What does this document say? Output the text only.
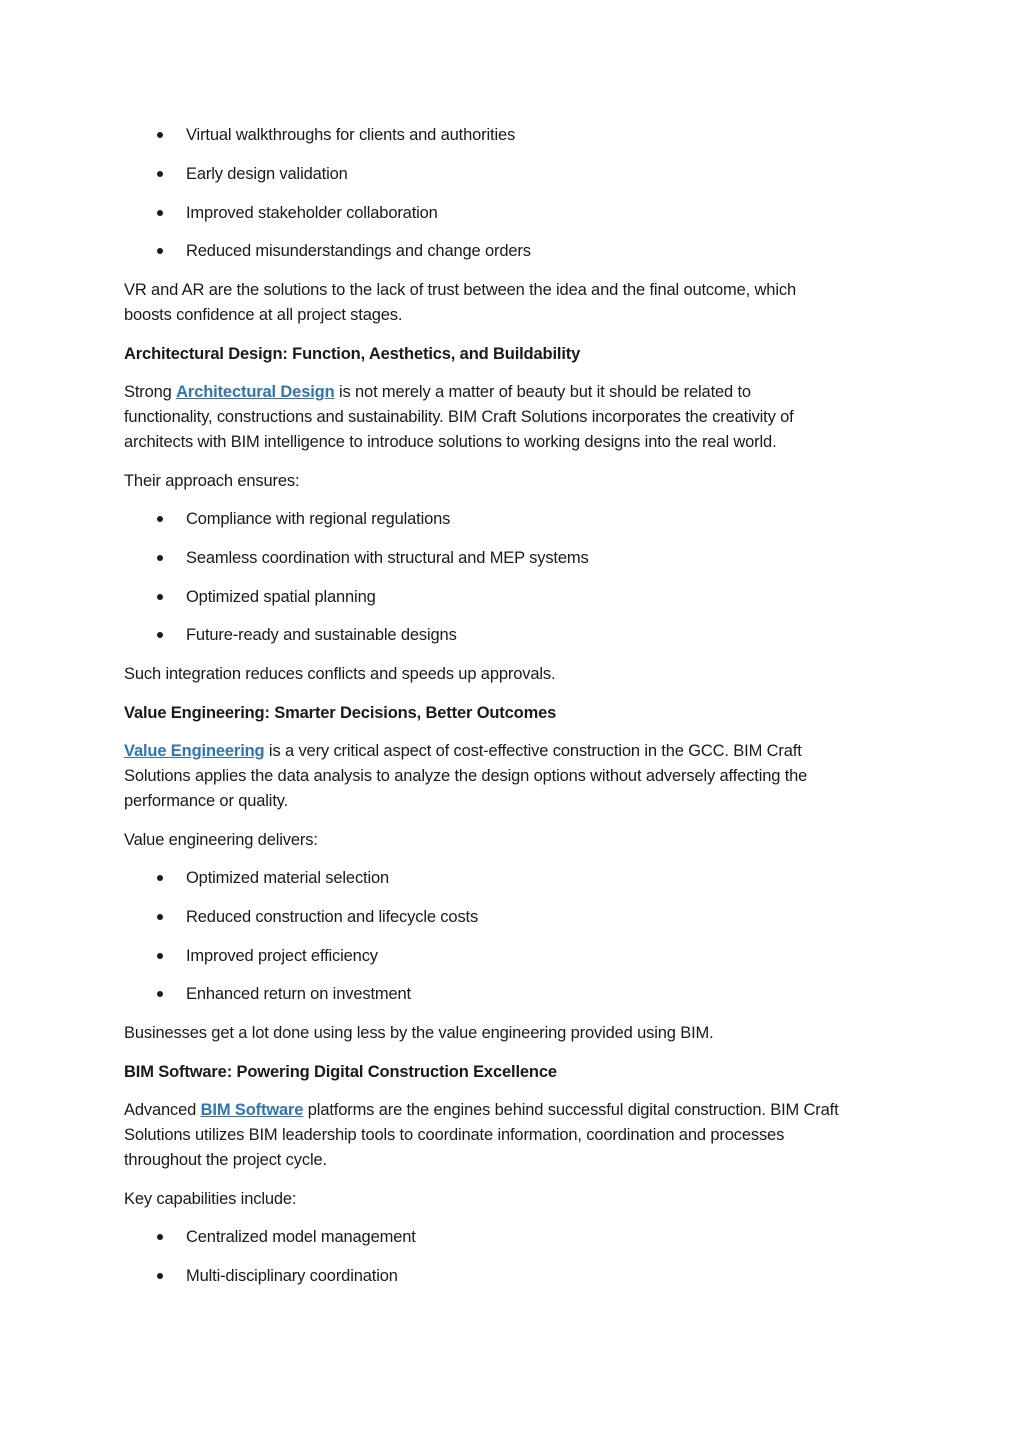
Virtual walkthroughs for clients and authorities
Early design validation
Improved stakeholder collaboration
Reduced misunderstandings and change orders
VR and AR are the solutions to the lack of trust between the idea and the final outcome, which
boosts confidence at all project stages.
Architectural Design: Function, Aesthetics, and Buildability
Strong Architectural Design is not merely a matter of beauty but it should be related to
functionality, constructions and sustainability. BIM Craft Solutions incorporates the creativity of
architects with BIM intelligence to introduce solutions to working designs into the real world.
Their approach ensures:
Compliance with regional regulations
Seamless coordination with structural and MEP systems
Optimized spatial planning
Future-ready and sustainable designs
Such integration reduces conflicts and speeds up approvals.
Value Engineering: Smarter Decisions, Better Outcomes
Value Engineering is a very critical aspect of cost-effective construction in the GCC. BIM Craft
Solutions applies the data analysis to analyze the design options without adversely affecting the
performance or quality.
Value engineering delivers:
Optimized material selection
Reduced construction and lifecycle costs
Improved project efficiency
Enhanced return on investment
Businesses get a lot done using less by the value engineering provided using BIM.
BIM Software: Powering Digital Construction Excellence
Advanced BIM Software platforms are the engines behind successful digital construction. BIM Craft
Solutions utilizes BIM leadership tools to coordinate information, coordination and processes
throughout the project cycle.
Key capabilities include:
Centralized model management
Multi-disciplinary coordination
